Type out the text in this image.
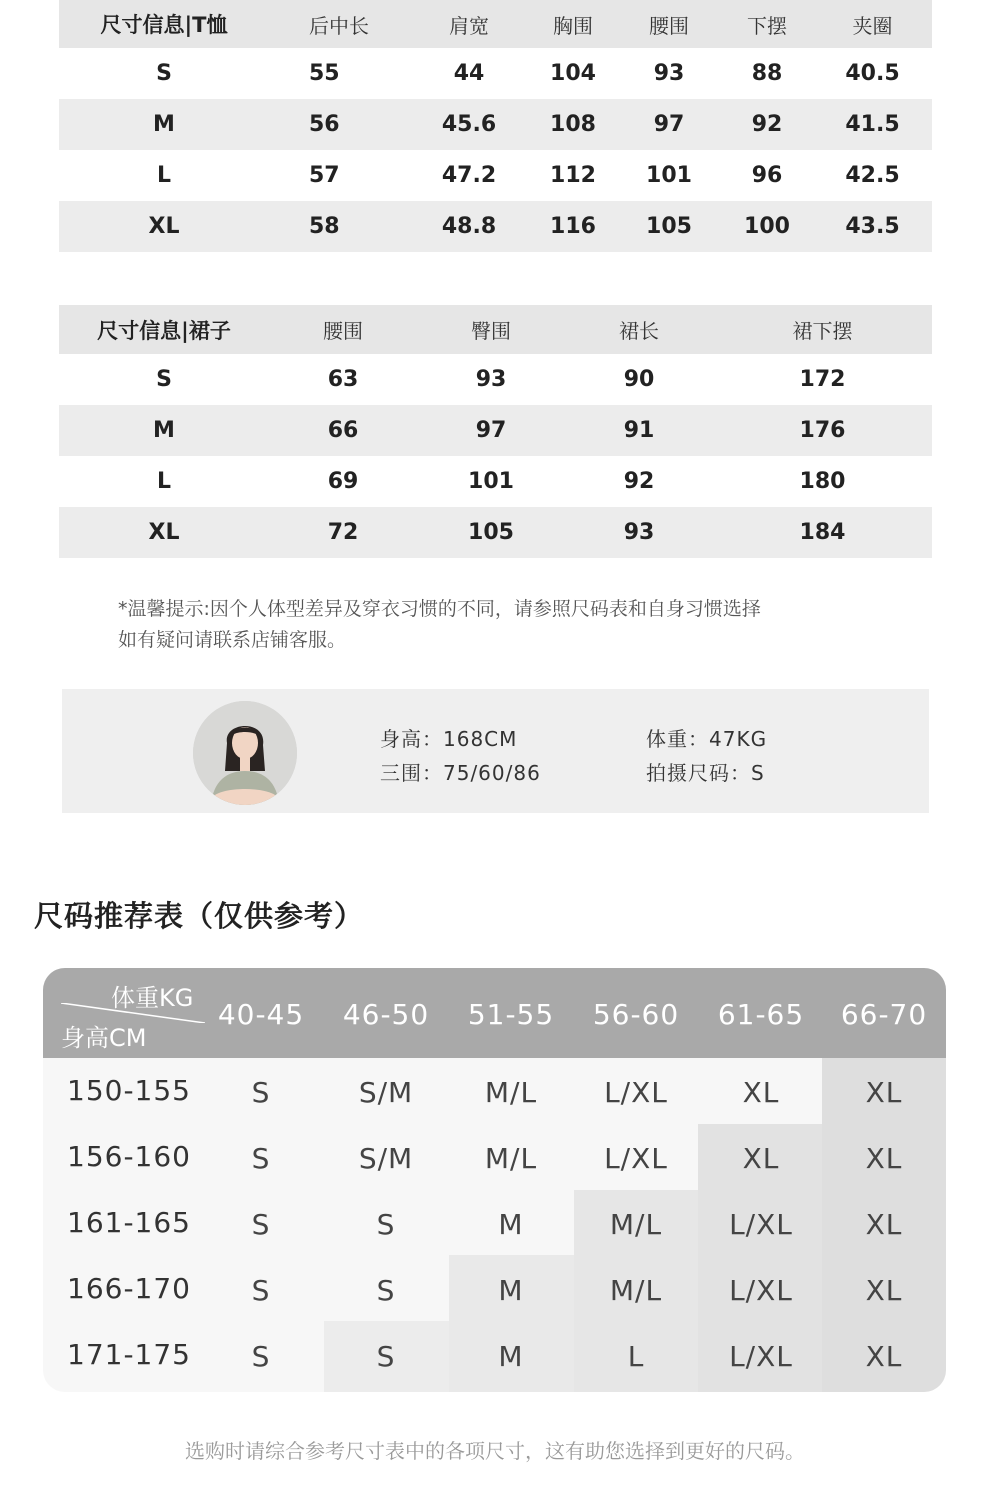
尺寸信息|T恤	后中长	肩宽	胸围	腰围	下摆	夹圈
S	55	44	104	93	88	40.5
M	56	45.6	108	97	92	41.5
L	57	47.2	112	101	96	42.5
XL	58	48.8	116	105	100	43.5
尺寸信息|裙子	腰围	臀围	裙长	裙下摆
S	63	93	90	172
M	66	97	91	176
L	69	101	92	180
XL	72	105	93	184
*温馨提示:因个人体型差异及穿衣习惯的不同，请参照尺码表和自身习惯选择
如有疑问请联系店铺客服。
身高：168CM	体重：47KG
三围：75/60/86	拍摄尺码：S
尺码推荐表（仅供参考）
体重KG
身高CM
40-45	46-50	51-55	56-60	61-65	66-70
150-155	S	S/M	M/L	L/XL	XL	XL
156-160	S	S/M	M/L	L/XL	XL	XL
161-165	S	S	M	M/L	L/XL	XL
166-170	S	S	M	M/L	L/XL	XL
171-175	S	S	M	L	L/XL	XL
选购时请综合参考尺寸表中的各项尺寸，这有助您选择到更好的尺码。
